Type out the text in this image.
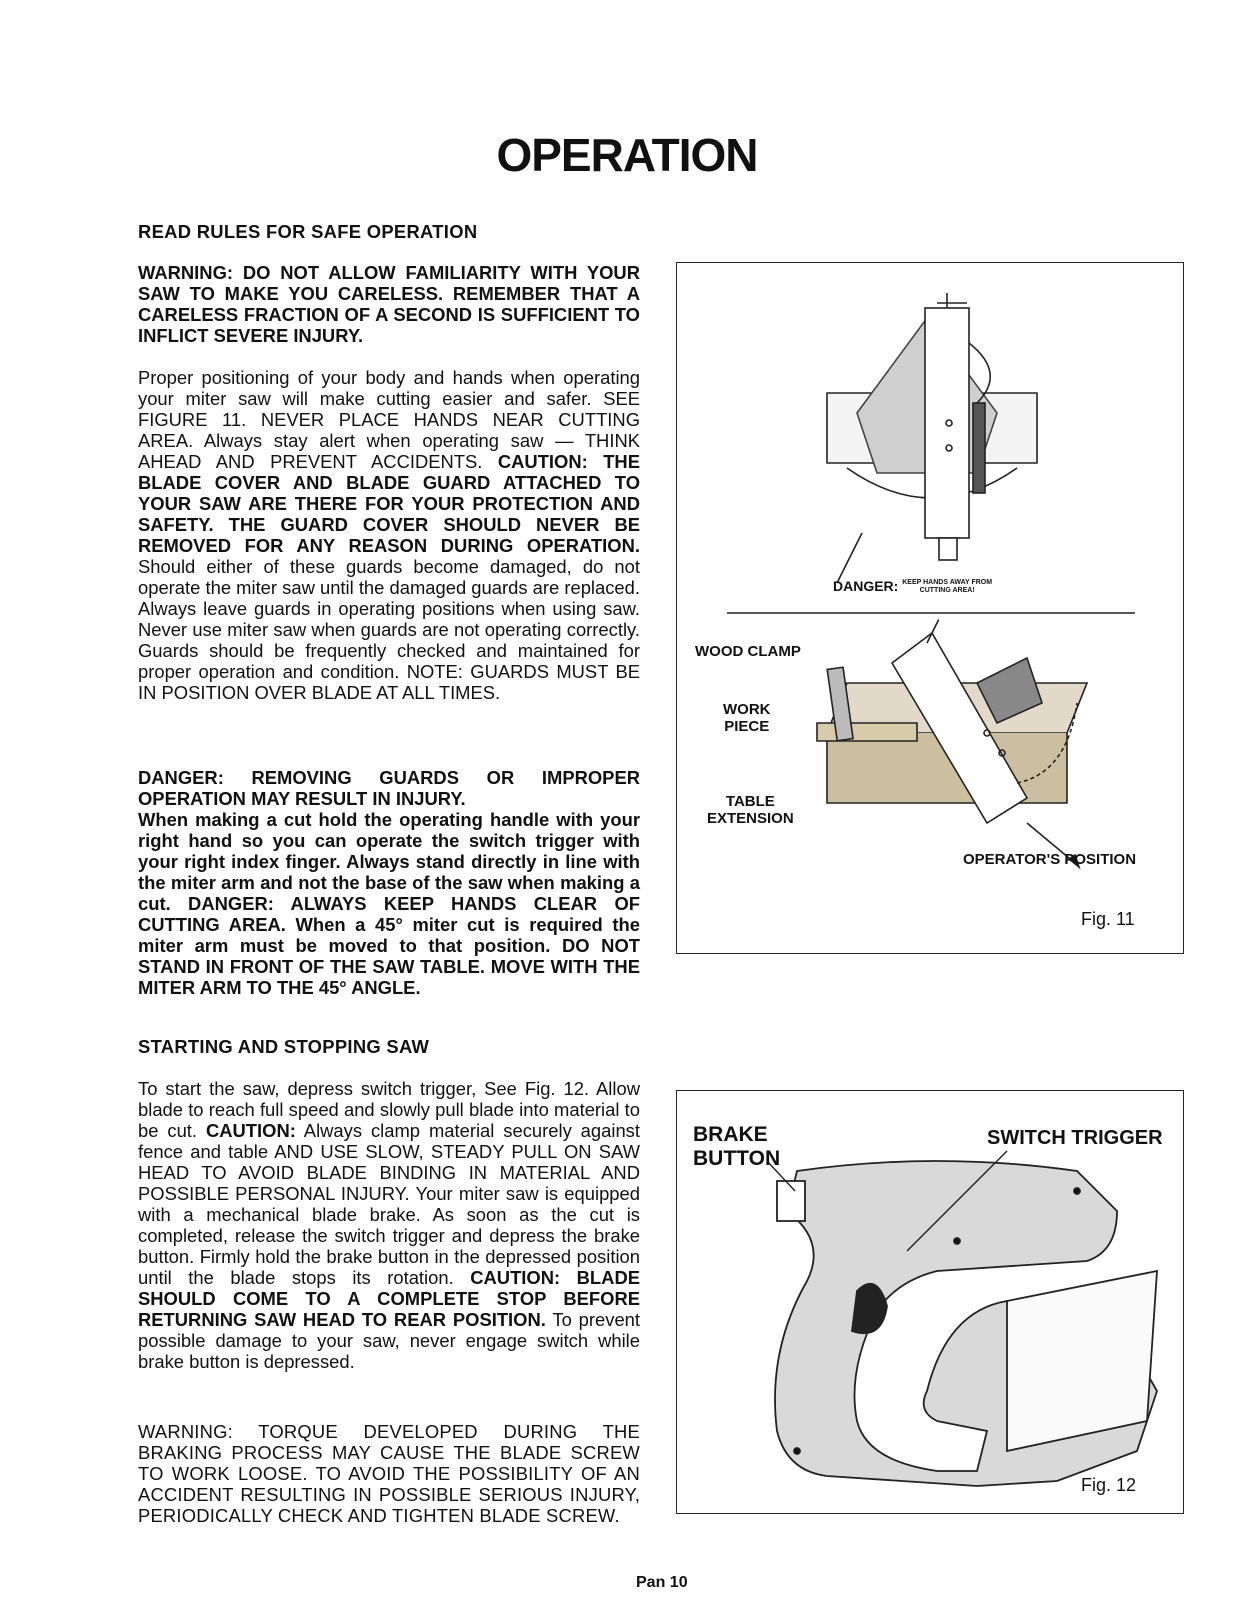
OPERATION

READ RULES FOR SAFE OPERATION

WARNING: DO NOT ALLOW FAMILIARITY WITH YOUR SAW TO MAKE YOU CARELESS. REMEMBER THAT A CARELESS FRACTION OF A SECOND IS SUFFICIENT TO INFLICT SEVERE INJURY.

Proper positioning of your body and hands when operating your miter saw will make cutting easier and safer. SEE FIGURE 11. NEVER PLACE HANDS NEAR CUTTING AREA. Always stay alert when operating saw — THINK AHEAD AND PREVENT ACCIDENTS. CAUTION: THE BLADE COVER AND BLADE GUARD ATTACHED TO YOUR SAW ARE THERE FOR YOUR PROTECTION AND SAFETY. THE GUARD COVER SHOULD NEVER BE REMOVED FOR ANY REASON DURING OPERATION. Should either of these guards become damaged, do not operate the miter saw until the damaged guards are replaced. Always leave guards in operating positions when using saw. Never use miter saw when guards are not operating correctly. Guards should be frequently checked and maintained for proper operation and condition. NOTE: GUARDS MUST BE IN POSITION OVER BLADE AT ALL TIMES.

DANGER: REMOVING GUARDS OR IMPROPER OPERATION MAY RESULT IN INJURY.

When making a cut hold the operating handle with your right hand so you can operate the switch trigger with your right index finger. Always stand directly in line with the miter arm and not the base of the saw when making a cut. DANGER: ALWAYS KEEP HANDS CLEAR OF CUTTING AREA. When a 45° miter cut is required the miter arm must be moved to that position. DO NOT STAND IN FRONT OF THE SAW TABLE. MOVE WITH THE MITER ARM TO THE 45° ANGLE.

STARTING AND STOPPING SAW

To start the saw, depress switch trigger, See Fig. 12. Allow blade to reach full speed and slowly pull blade into material to be cut. CAUTION: Always clamp material securely against fence and table AND USE SLOW, STEADY PULL ON SAW HEAD TO AVOID BLADE BINDING IN MATERIAL AND POSSIBLE PERSONAL INJURY. Your miter saw is equipped with a mechanical blade brake. As soon as the cut is completed, release the switch trigger and depress the brake button. Firmly hold the brake button in the depressed position until the blade stops its rotation. CAUTION: BLADE SHOULD COME TO A COMPLETE STOP BEFORE RETURNING SAW HEAD TO REAR POSITION. To prevent possible damage to your saw, never engage switch while brake button is depressed.

WARNING: TORQUE DEVELOPED DURING THE BRAKING PROCESS MAY CAUSE THE BLADE SCREW TO WORK LOOSE. TO AVOID THE POSSIBILITY OF AN ACCIDENT RESULTING IN POSSIBLE SERIOUS INJURY, PERIODICALLY CHECK AND TIGHTEN BLADE SCREW.

Pan 10
DANGER: KEEP HANDS AWAY FROM
CUTTING AREA!
WOOD CLAMP
WORK
PIECE
TABLE
EXTENSION
OPERATOR'S POSITION
Fig. 11
BRAKE
BUTTON
SWITCH TRIGGER
Fig. 12
